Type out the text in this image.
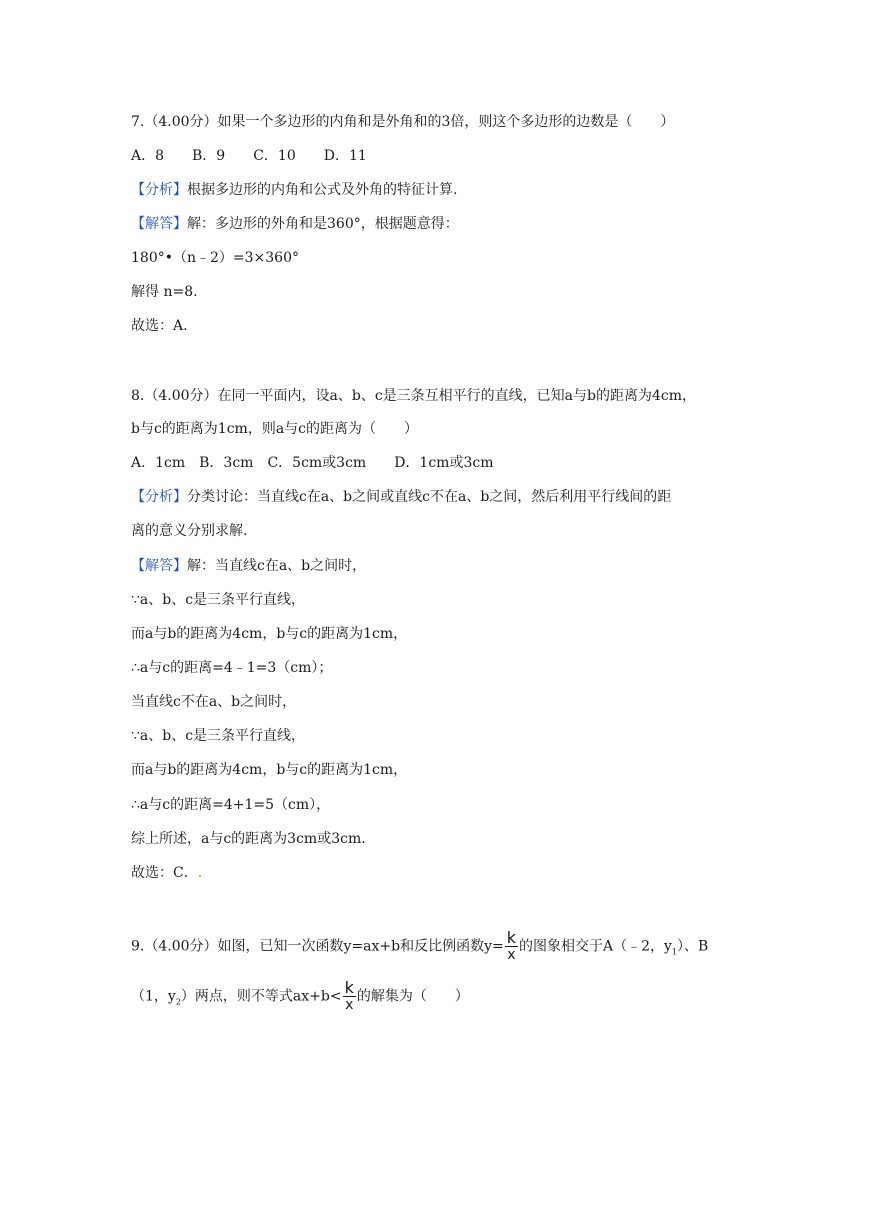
7.（4.00分）如果一个多边形的内角和是外角和的3倍，则这个多边形的边数是（　　）
A．8　　B．9　　C．10　　D．11
【分析】根据多边形的内角和公式及外角的特征计算.
【解答】解：多边形的外角和是360°，根据题意得：
180°•（n﹣2）=3×360°
解得 n=8.
故选：A.
8.（4.00分）在同一平面内，设a、b、c是三条互相平行的直线，已知a与b的距离为4cm，
b与c的距离为1cm，则a与c的距离为（　　）
A．1cm　B．3cm　C．5cm或3cm　　D．1cm或3cm
【分析】分类讨论：当直线c在a、b之间或直线c不在a、b之间，然后利用平行线间的距
离的意义分别求解.
【解答】解：当直线c在a、b之间时，
∵a、b、c是三条平行直线，
而a与b的距离为4cm，b与c的距离为1cm，
∴a与c的距离=4﹣1=3（cm）；
当直线c不在a、b之间时，
∵a、b、c是三条平行直线，
而a与b的距离为4cm，b与c的距离为1cm，
∴a与c的距离=4+1=5（cm），
综上所述，a与c的距离为3cm或3cm.
故选：C．.
9.（4.00分）如图，已知一次函数y=ax+b和反比例函数$y= \frac{k}{x}$ 的图象相交于A（﹣2，$y_1$）、B
（1，$y_2$）两点，则不等式$ax+b< \frac{k}{x}$ 的解集为（　　）
